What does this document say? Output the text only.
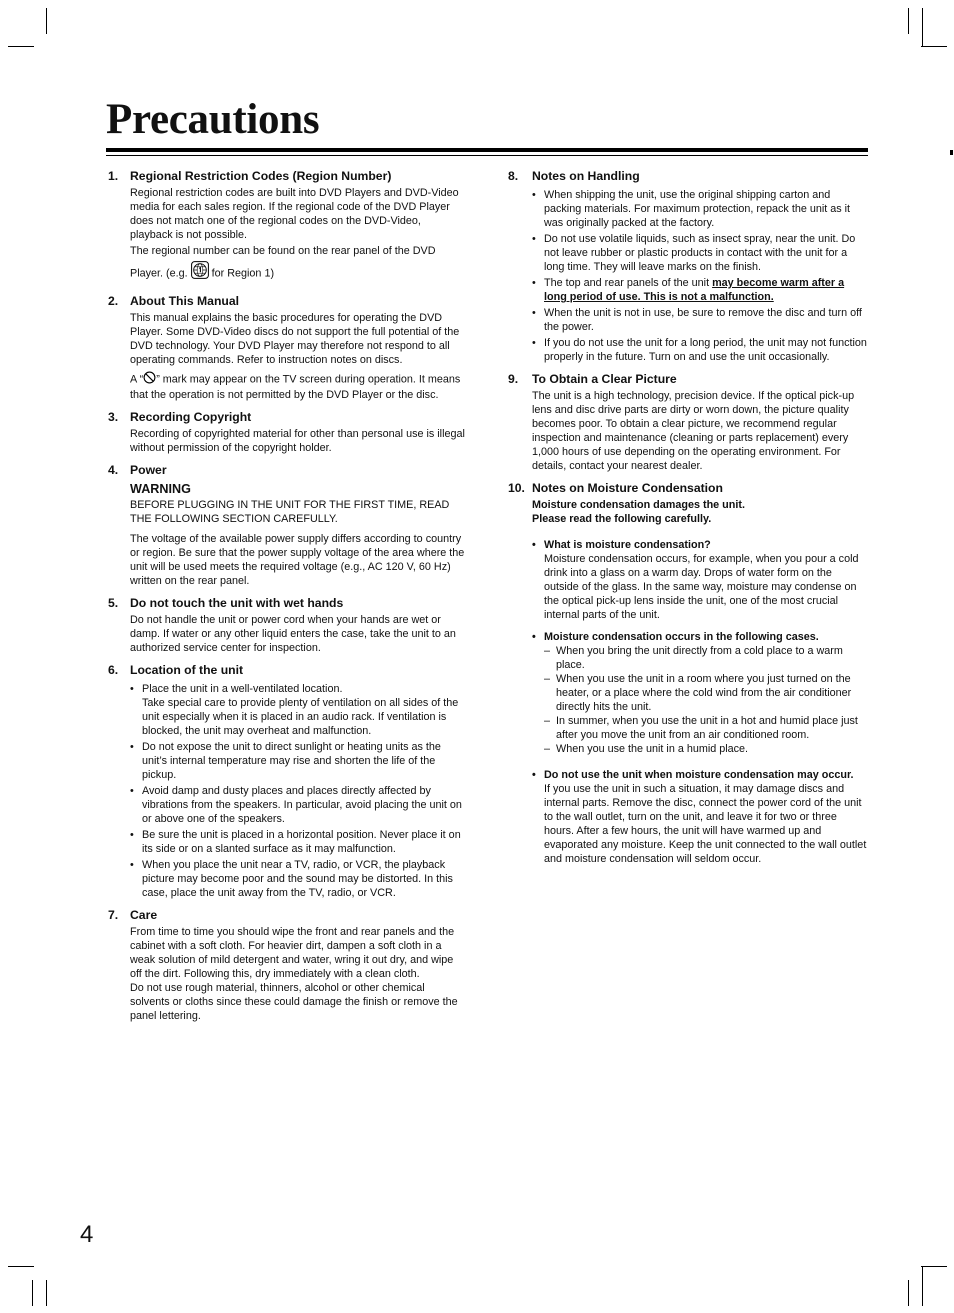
Precautions
1. Regional Restriction Codes (Region Number)

Regional restriction codes are built into DVD Players and DVD-Video media for each sales region. If the regional code of the DVD Player does not match one of the regional codes on the DVD-Video, playback is not possible.

The regional number can be found on the rear panel of the DVD Player. (e.g. for Region 1)

2. About This Manual

This manual explains the basic procedures for operating the DVD Player. Some DVD-Video discs do not support the full potential of the DVD technology. Your DVD Player may therefore not respond to all operating commands. Refer to instruction notes on discs.

A “ ” mark may appear on the TV screen during operation. It means that the operation is not permitted by the DVD Player or the disc.

3. Recording Copyright

Recording of copyrighted material for other than personal use is illegal without permission of the copyright holder.

4. Power
WARNING

BEFORE PLUGGING IN THE UNIT FOR THE FIRST TIME, READ THE FOLLOWING SECTION CAREFULLY.

The voltage of the available power supply differs according to country or region. Be sure that the power supply voltage of the area where the unit will be used meets the required voltage (e.g., AC 120 V, 60 Hz) written on the rear panel.

5. Do not touch the unit with wet hands

Do not handle the unit or power cord when your hands are wet or damp. If water or any other liquid enters the case, take the unit to an authorized service center for inspection.

6. Location of the unit
• Place the unit in a well-ventilated location.
Take special care to provide plenty of ventilation on all sides of the unit especially when it is placed in an audio rack. If ventilation is blocked, the unit may overheat and malfunction.
• Do not expose the unit to direct sunlight or heating units as the unit’s internal temperature may rise and shorten the life of the pickup.
• Avoid damp and dusty places and places directly affected by vibrations from the speakers. In particular, avoid placing the unit on or above one of the speakers.
• Be sure the unit is placed in a horizontal position. Never place it on its side or on a slanted surface as it may malfunction.
• When you place the unit near a TV, radio, or VCR, the playback picture may become poor and the sound may be distorted. In this case, place the unit away from the TV, radio, or VCR.
7. Care

From time to time you should wipe the front and rear panels and the cabinet with a soft cloth. For heavier dirt, dampen a soft cloth in a weak solution of mild detergent and water, wring it out dry, and wipe off the dirt. Following this, dry immediately with a clean cloth.

Do not use rough material, thinners, alcohol or other chemical solvents or cloths since these could damage the finish or remove the panel lettering.

8. Notes on Handling
• When shipping the unit, use the original shipping carton and packing materials. For maximum protection, repack the unit as it was originally packed at the factory.
• Do not use volatile liquids, such as insect spray, near the unit. Do not leave rubber or plastic products in contact with the unit for a long time. They will leave marks on the finish.
• The top and rear panels of the unit may become warm after a long period of use. This is not a malfunction.
• When the unit is not in use, be sure to remove the disc and turn off the power.
• If you do not use the unit for a long period, the unit may not function properly in the future. Turn on and use the unit occasionally.
9. To Obtain a Clear Picture

The unit is a high technology, precision device. If the optical pick-up lens and disc drive parts are dirty or worn down, the picture quality becomes poor. To obtain a clear picture, we recommend regular inspection and maintenance (cleaning or parts replacement) every 1,000 hours of use depending on the operating environment. For details, contact your nearest dealer.

10. Notes on Moisture Condensation
Moisture condensation damages the unit.
Please read the following carefully.
• What is moisture condensation?
Moisture condensation occurs, for example, when you pour a cold drink into a glass on a warm day. Drops of water form on the outside of the glass. In the same way, moisture may condense on the optical pick-up lens inside the unit, one of the most crucial internal parts of the unit.
• Moisture condensation occurs in the following cases.
– When you bring the unit directly from a cold place to a warm place.
– When you use the unit in a room where you just turned on the heater, or a place where the cold wind from the air conditioner directly hits the unit.
– In summer, when you use the unit in a hot and humid place just after you move the unit from an air conditioned room.
– When you use the unit in a humid place.
• Do not use the unit when moisture condensation may occur.
If you use the unit in such a situation, it may damage discs and internal parts. Remove the disc, connect the power cord of the unit to the wall outlet, turn on the unit, and leave it for two or three hours. After a few hours, the unit will have warmed up and evaporated any moisture. Keep the unit connected to the wall outlet and moisture condensation will seldom occur.
4
